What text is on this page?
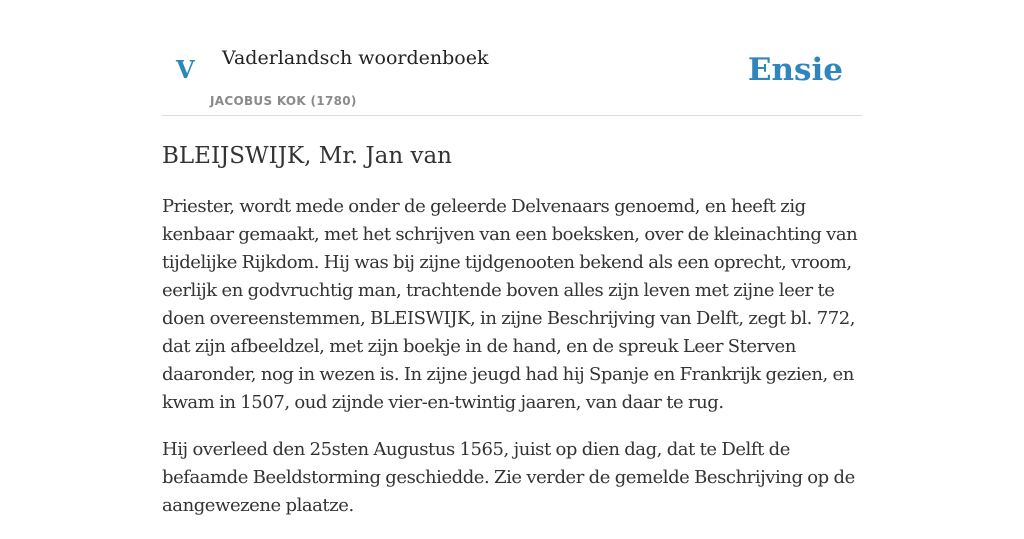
V Vaderlandsch woordenboek
JACOBUS KOK (1780)
Ensie
BLEIJSWIJK, Mr. Jan van

Priester, wordt mede onder de geleerde Delvenaars genoemd, en heeft zig kenbaar gemaakt, met het schrijven van een boeksken, over de kleinachting van tijdelijke Rijkdom. Hij was bij zijne tijdgenooten bekend als een oprecht, vroom, eerlijk en godvruchtig man, trachtende boven alles zijn leven met zijne leer te doen overeenstemmen, BLEISWIJK, in zijne Beschrijving van Delft, zegt bl. 772, dat zijn afbeeldzel, met zijn boekje in de hand, en de spreuk Leer Sterven daaronder, nog in wezen is. In zijne jeugd had hij Spanje en Frankrijk gezien, en kwam in 1507, oud zijnde vier-en-twintig jaaren, van daar te rug.

Hij overleed den 25sten Augustus 1565, juist op dien dag, dat te Delft de befaamde Beeldstorming geschiedde. Zie verder de gemelde Beschrijving op de aangewezene plaatze.
